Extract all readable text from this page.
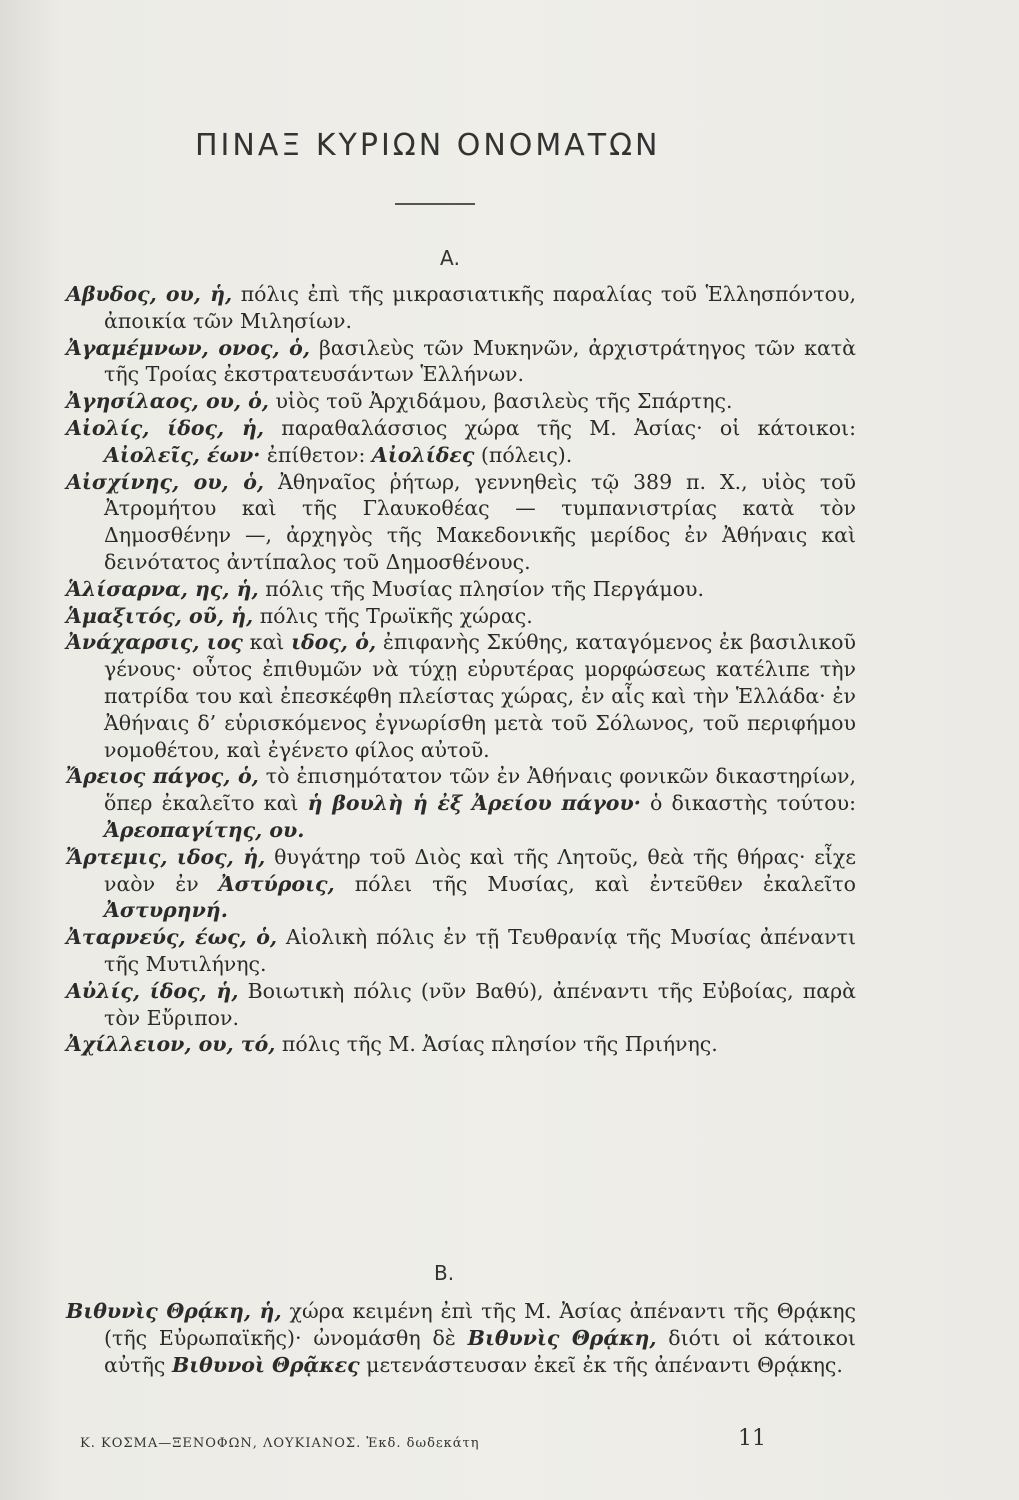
ΠΙΝΑΞ ΚΥΡΙΩΝ ΟΝΟΜΑΤΩΝ
Α.

Αβυδος, ου, ἡ, πόλις ἐπὶ τῆς μικρασιατικῆς παραλίας τοῦ Ἑλλησπόντου, ἀποικία τῶν Μιλησίων.

Ἀγαμέμνων, ονος, ὁ, βασιλεὺς τῶν Μυκηνῶν, ἀρχιστράτηγος τῶν κατὰ τῆς Τροίας ἐκστρατευσάντων Ἑλλήνων.

Ἀγησίλαος, ου, ὁ, υἱὸς τοῦ Ἀρχιδάμου, βασιλεὺς τῆς Σπάρτης.

Αἰολίς, ίδος, ἡ, παραθαλάσσιος χώρα τῆς Μ. Ἀσίας· οἱ κάτοικοι: Αἰολεῖς, έων· ἐπίθετον: Αἰολίδες (πόλεις).

Αἰσχίνης, ου, ὁ, Ἀθηναῖος ῥήτωρ, γεννηθεὶς τῷ 389 π. Χ., υἱὸς τοῦ Ἀτρομήτου καὶ τῆς Γλαυκοθέας — τυμπανιστρίας κατὰ τὸν Δημοσθένην —, ἀρχηγὸς τῆς Μακεδονικῆς μερίδος ἐν Ἀθήναις καὶ δεινότατος ἀντίπαλος τοῦ Δημοσθένους.

Ἁλίσαρνα, ης, ἡ, πόλις τῆς Μυσίας πλησίον τῆς Περγάμου.

Ἁμαξιτός, οῦ, ἡ, πόλις τῆς Τρωϊκῆς χώρας.

Ἀνάχαρσις, ιος καὶ ιδος, ὁ, ἐπιφανὴς Σκύθης, καταγόμενος ἐκ βασιλικοῦ γένους· οὗτος ἐπιθυμῶν νὰ τύχῃ εὐρυτέρας μορφώσεως κατέλιπε τὴν πατρίδα του καὶ ἐπεσκέφθη πλείστας χώρας, ἐν αἷς καὶ τὴν Ἑλλάδα· ἐν Ἀθήναις δ’ εὑρισκόμενος ἐγνωρίσθη μετὰ τοῦ Σόλωνος, τοῦ περιφήμου νομοθέτου, καὶ ἐγένετο φίλος αὐτοῦ.

Ἄρειος πάγος, ὁ, τὸ ἐπισημότατον τῶν ἐν Ἀθήναις φονικῶν δικαστηρίων, ὅπερ ἐκαλεῖτο καὶ ἡ βουλὴ ἡ ἐξ Ἀρείου πάγου· ὁ δικαστὴς τούτου: Ἀρεοπαγίτης, ου.

Ἄρτεμις, ιδος, ἡ, θυγάτηρ τοῦ Διὸς καὶ τῆς Λητοῦς, θεὰ τῆς θήρας· εἶχε ναὸν ἐν Ἀστύροις, πόλει τῆς Μυσίας, καὶ ἐντεῦθεν ἐκαλεῖτο Ἀστυρηνή.

Ἀταρνεύς, έως, ὁ, Αἰολικὴ πόλις ἐν τῇ Τευθρανίᾳ τῆς Μυσίας ἀπέναντι τῆς Μυτιλήνης.

Αὐλίς, ίδος, ἡ, Βοιωτικὴ πόλις (νῦν Βαθύ), ἀπέναντι τῆς Εὐβοίας, παρὰ τὸν Εὔριπον.

Ἀχίλλειον, ου, τό, πόλις τῆς Μ. Ἀσίας πλησίον τῆς Πριήνης.

Β.

Βιθυνὶς Θρᾴκη, ἡ, χώρα κειμένη ἐπὶ τῆς Μ. Ἀσίας ἀπέναντι τῆς Θρᾴκης (τῆς Εὐρωπαϊκῆς)· ὠνομάσθη δὲ Βιθυνὶς Θρᾴκη, διότι οἱ κάτοικοι αὐτῆς Βιθυνοὶ Θρᾷκες μετενάστευσαν ἐκεῖ ἐκ τῆς ἀπέναντι Θρᾴκης.

Κ. ΚΟΣΜΑ—ΞΕΝΟΦΩΝ, ΛΟΥΚΙΑΝΟΣ. Ἐκδ. δωδεκάτη	11
